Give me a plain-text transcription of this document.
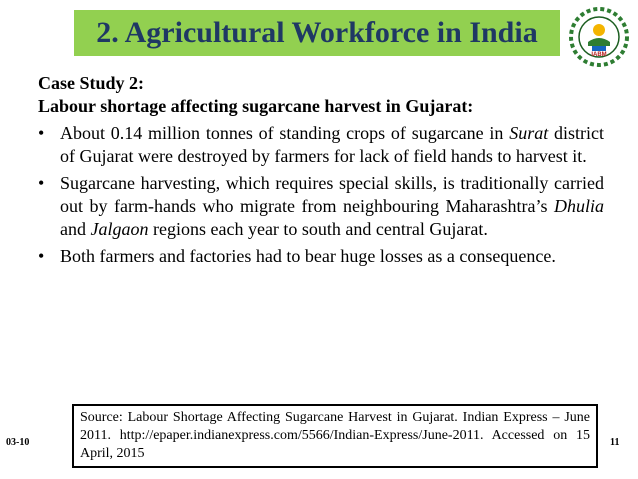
2. Agricultural Workforce in India
IABM

Case Study 2:

Labour shortage affecting sugarcane harvest in Gujarat:

• About 0.14 million tonnes of standing crops of sugarcane in Surat district of Gujarat were destroyed by farmers for lack of field hands to harvest it.
• Sugarcane harvesting, which requires special skills, is traditionally carried out by farm-hands who migrate from neighbouring Maharashtra’s Dhulia and Jalgaon regions each year to south and central Gujarat.
• Both farmers and factories had to bear huge losses as a consequence.
Source: Labour Shortage Affecting Sugarcane Harvest in Gujarat. Indian Express – June 2011. http://epaper.indianexpress.com/5566/Indian-Express/June-2011. Accessed on 15 April, 2015
03-10	11
